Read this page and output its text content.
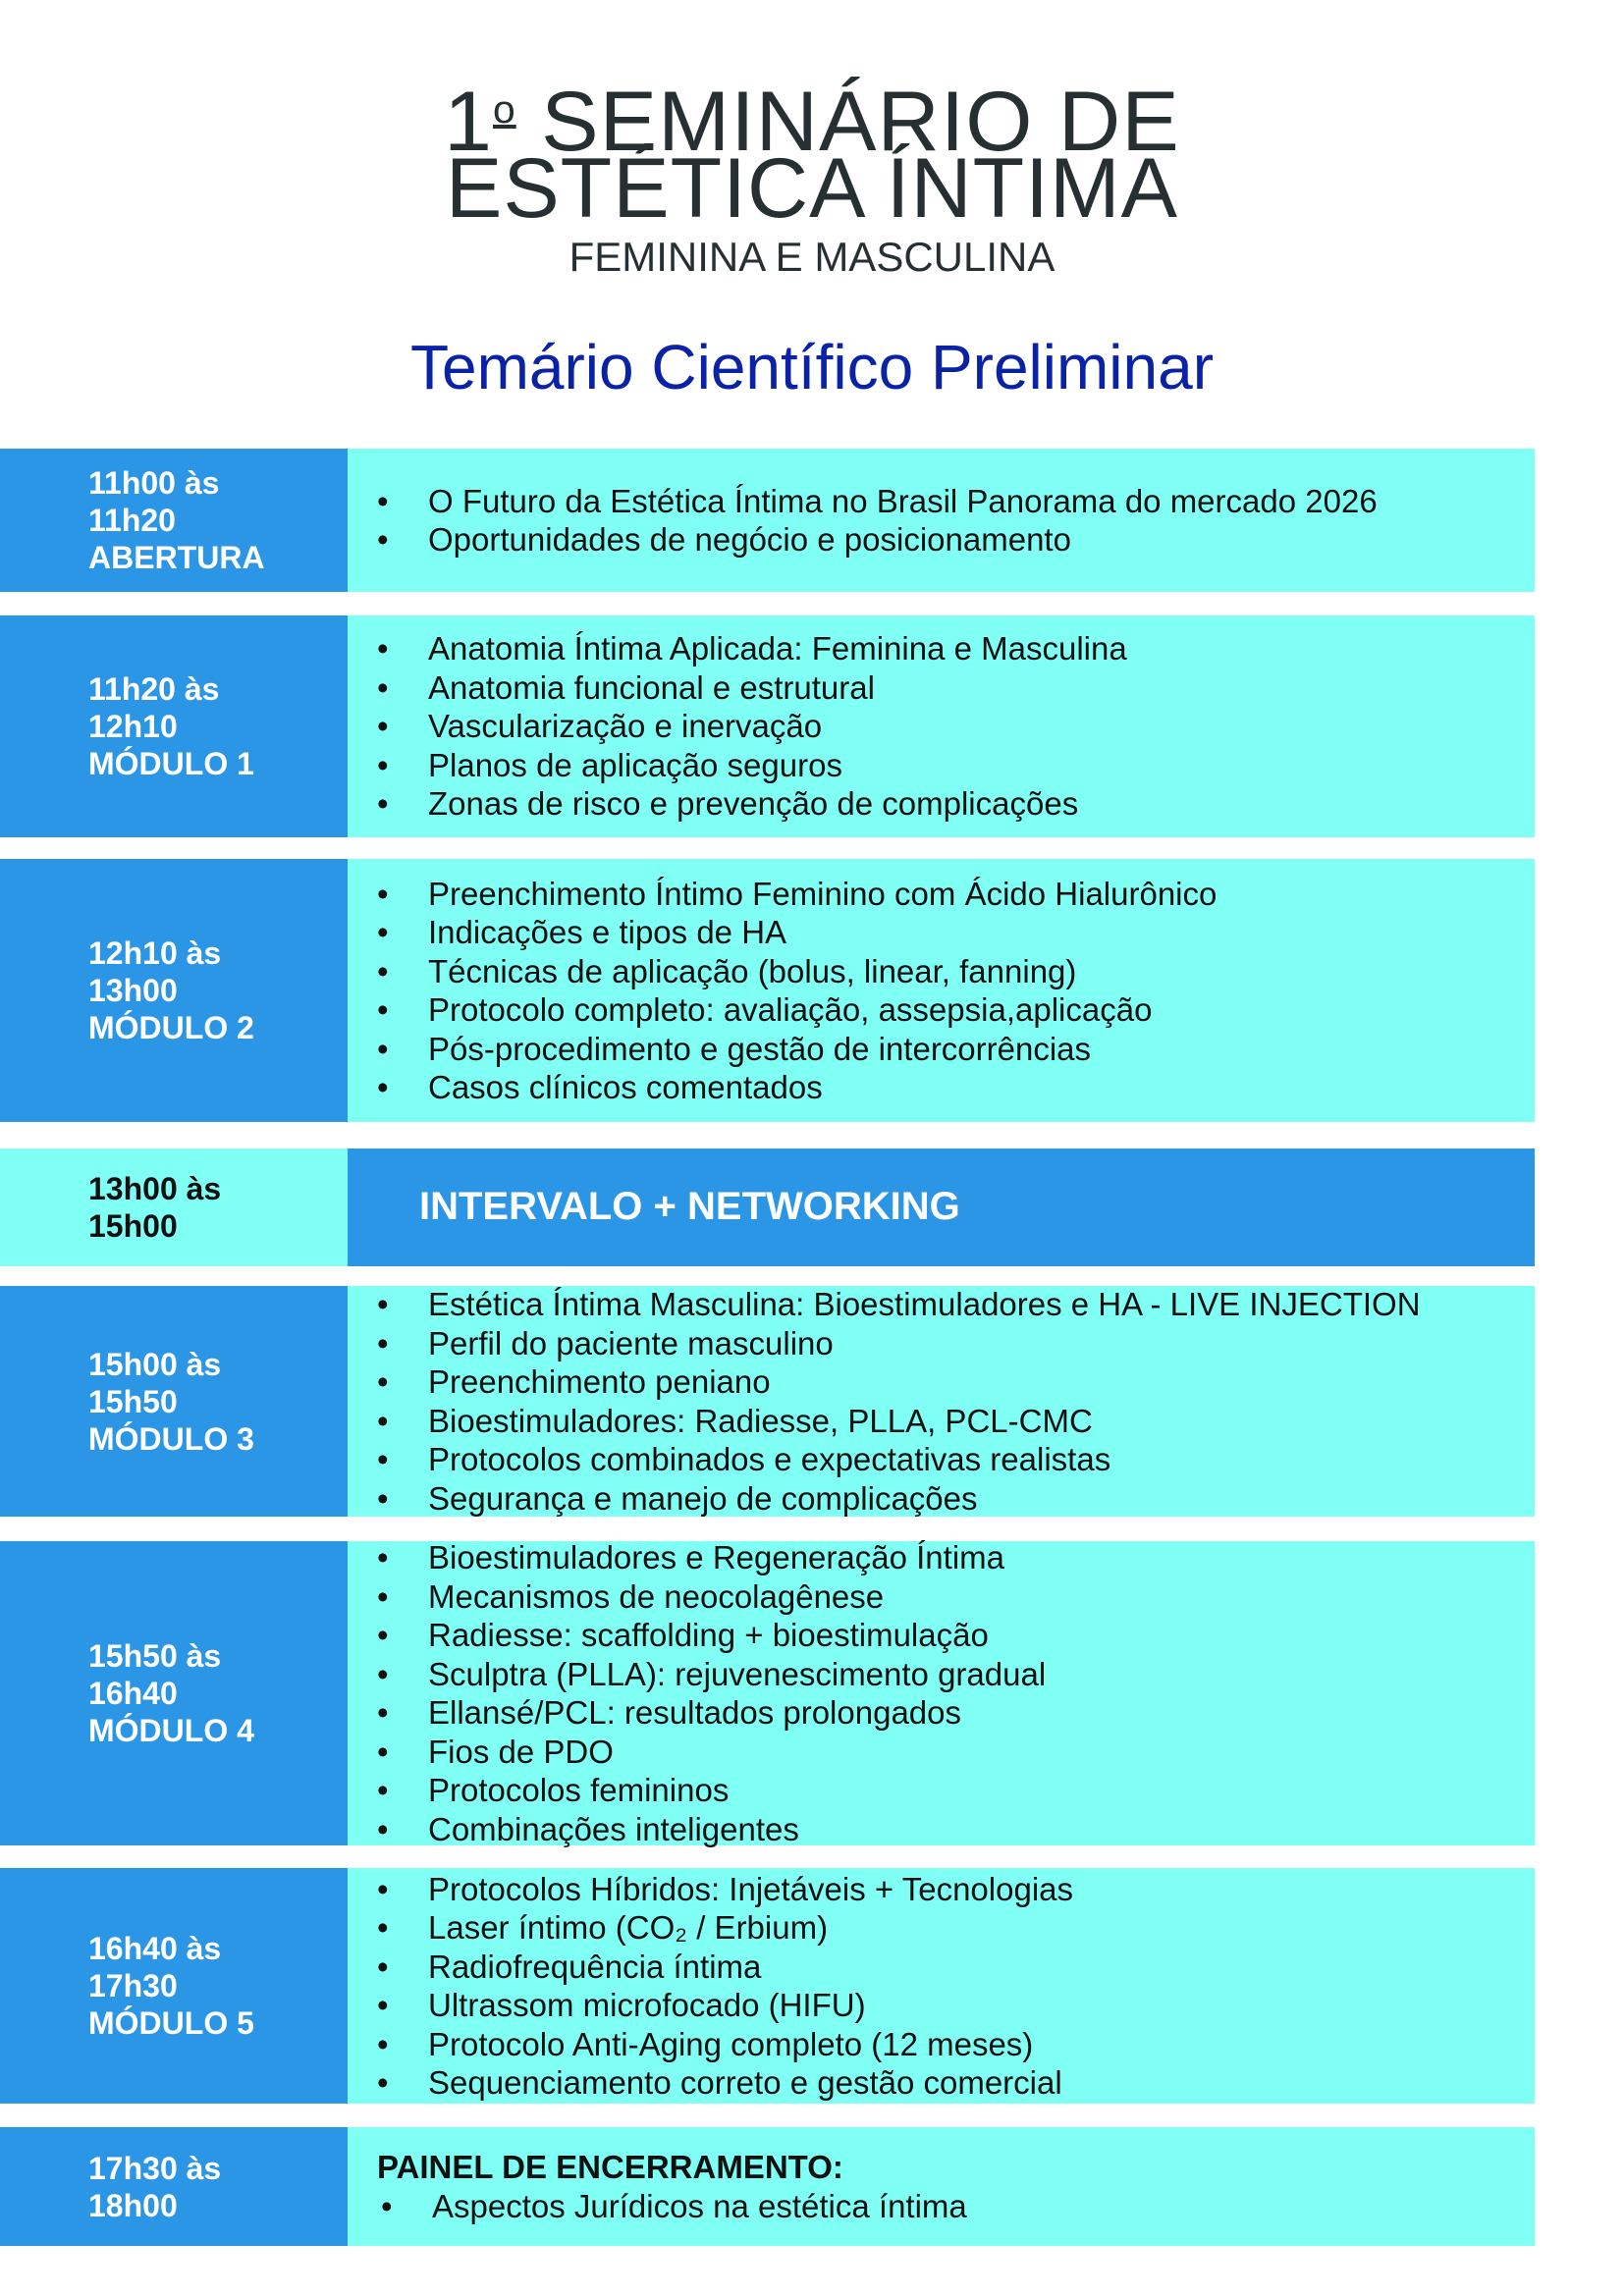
1$^o$ SEMINÁRIO DE
ESTÉTICA ÍNTIMA
FEMININA E MASCULINA
Temário Científico Preliminar
11h00 às
11h20
ABERTURA
• O Futuro da Estética Íntima no Brasil Panorama do mercado 2026
• Oportunidades de negócio e posicionamento
11h20 às
12h10
MÓDULO 1
• Anatomia Íntima Aplicada: Feminina e Masculina
• Anatomia funcional e estrutural
• Vascularização e inervação
• Planos de aplicação seguros
• Zonas de risco e prevenção de complicações
12h10 às
13h00
MÓDULO 2
• Preenchimento Íntimo Feminino com Ácido Hialurônico
• Indicações e tipos de HA
• Técnicas de aplicação (bolus, linear, fanning)
• Protocolo completo: avaliação, assepsia,aplicação
• Pós-procedimento e gestão de intercorrências
• Casos clínicos comentados
13h00 às
15h00	INTERVALO + NETWORKING
15h00 às
15h50
MÓDULO 3
• Estética Íntima Masculina: Bioestimuladores e HA - LIVE INJECTION
• Perfil do paciente masculino
• Preenchimento peniano
• Bioestimuladores: Radiesse, PLLA, PCL-CMC
• Protocolos combinados e expectativas realistas
• Segurança e manejo de complicações
15h50 às
16h40
MÓDULO 4
• Bioestimuladores e Regeneração Íntima
• Mecanismos de neocolagênese
• Radiesse: scaffolding + bioestimulação
• Sculptra (PLLA): rejuvenescimento gradual
• Ellansé/PCL: resultados prolongados
• Fios de PDO
• Protocolos femininos
• Combinações inteligentes
16h40 às
17h30
MÓDULO 5
• Protocolos Híbridos: Injetáveis + Tecnologias
• Laser íntimo (CO₂ / Erbium)
• Radiofrequência íntima
• Ultrassom microfocado (HIFU)
• Protocolo Anti-Aging completo (12 meses)
• Sequenciamento correto e gestão comercial
17h30 às
18h00
PAINEL DE ENCERRAMENTO:
• Aspectos Jurídicos na estética íntima
